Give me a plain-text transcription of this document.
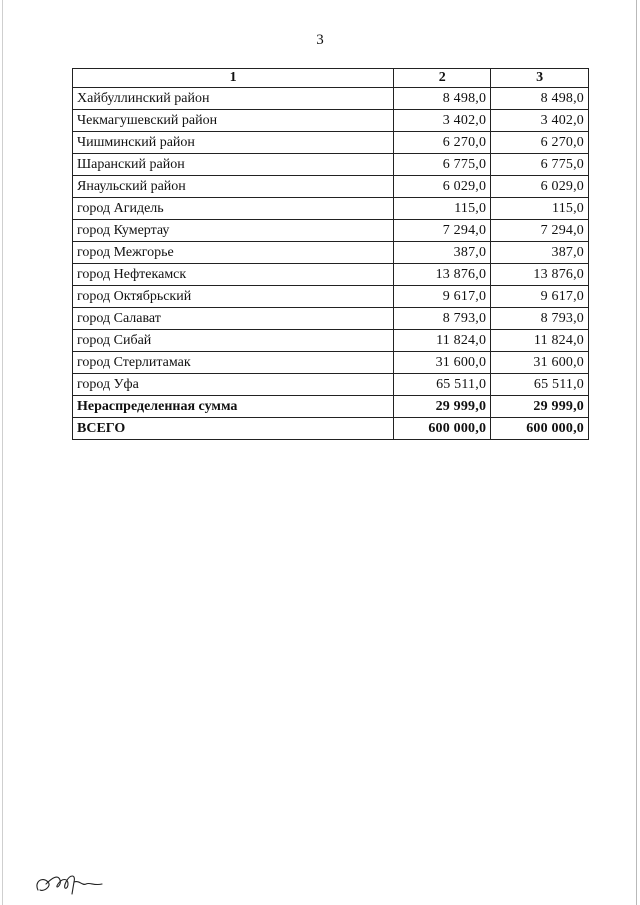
3
1	2	3
Хайбуллинский район	8 498,0	8 498,0
Чекмагушевский район	3 402,0	3 402,0
Чишминский район	6 270,0	6 270,0
Шаранский район	6 775,0	6 775,0
Янаульский район	6 029,0	6 029,0
город Агидель	115,0	115,0
город Кумертау	7 294,0	7 294,0
город Межгорье	387,0	387,0
город Нефтекамск	13 876,0	13 876,0
город Октябрьский	9 617,0	9 617,0
город Салават	8 793,0	8 793,0
город Сибай	11 824,0	11 824,0
город Стерлитамак	31 600,0	31 600,0
город Уфа	65 511,0	65 511,0
Нераспределенная сумма	29 999,0	29 999,0
ВСЕГО	600 000,0	600 000,0
